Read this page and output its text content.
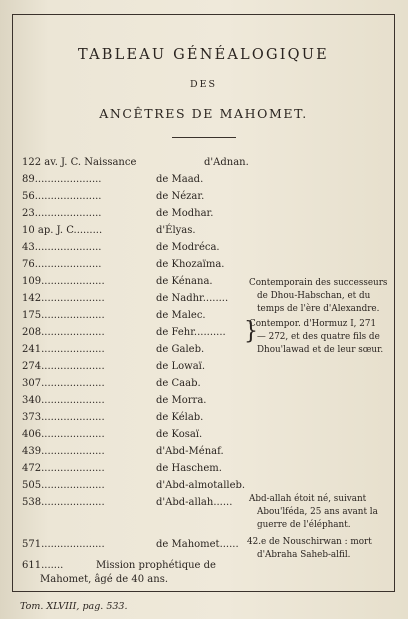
TABLEAU GÉNÉALOGIQUE
DES
ANCÊTRES DE MAHOMET.
122 av. J. C. Naissance	d'Adnan.
89.....................	de Maad.
56.....................	de Nézar.
23.....................	de Modhar.
10 ap. J. C.........	d'Élyas.
43.....................	de Modréca.
76.....................	de Khozaïma.
109....................	de Kénana.
142....................	de Nadhr........
175....................	de Malec.
208....................	de Fehr..........
241....................	de Galeb.
274....................	de Lowaï.
307....................	de Caab.
340....................	de Morra.
373....................	de Kélab.
406....................	de Kosaï.
439....................	d'Abd-Ménaf.
472....................	de Haschem.
505....................	d'Abd-almotalleb.
538....................	d'Abd-allah......
571....................	de Mahomet......
611.......	Mission prophétique de
Mahomet, âgé de 40 ans.
Contemporain des successeurs
de Dhou-Habschan, et du
temps de l'ère d'Alexandre.
}
Contempor. d'Hormuz I, 271
— 272, et des quatre fils de
Dhou'lawad et de leur sœur.
Abd-allah étoit né, suivant
Abou'lféda, 25 ans avant la
guerre de l'éléphant.
42.e de Nouschirwan : mort
d'Abraha Saheb-alfil.
Tom. XLVIII, pag. 533.
